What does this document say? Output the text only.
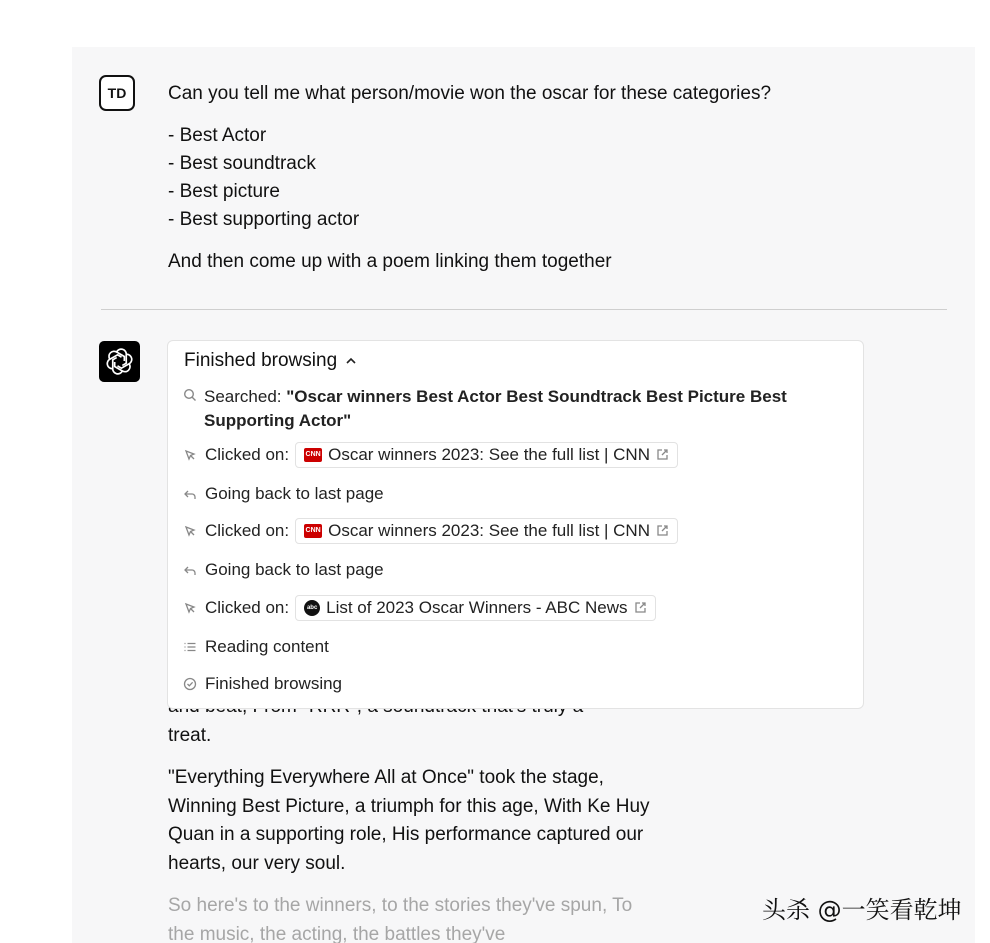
TD Can you tell me what person/movie won the oscar for these categories?

- Best Actor

- Best soundtrack

- Best picture

- Best supporting actor

And then come up with a poem linking them together

treat.

"Everything Everywhere All at Once" took the stage, Winning Best Picture, a triumph for this age, With Ke Huy Quan in a supporting role, His performance captured our hearts, our very soul.

So here's to the winners, to the stories they've spun, To the music, the acting, the battles they've

Finished browsing
Searched: "Oscar winners Best Actor Best Soundtrack Best Picture Best Supporting Actor"
Clicked on: CNN Oscar winners 2023: See the full list | CNN
Going back to last page
Clicked on: CNN Oscar winners 2023: See the full list | CNN
Going back to last page
Clicked on:	abc List of 2023 Oscar Winners - ABC News
Reading content
Finished browsing
头杀 @一笑看乾坤
